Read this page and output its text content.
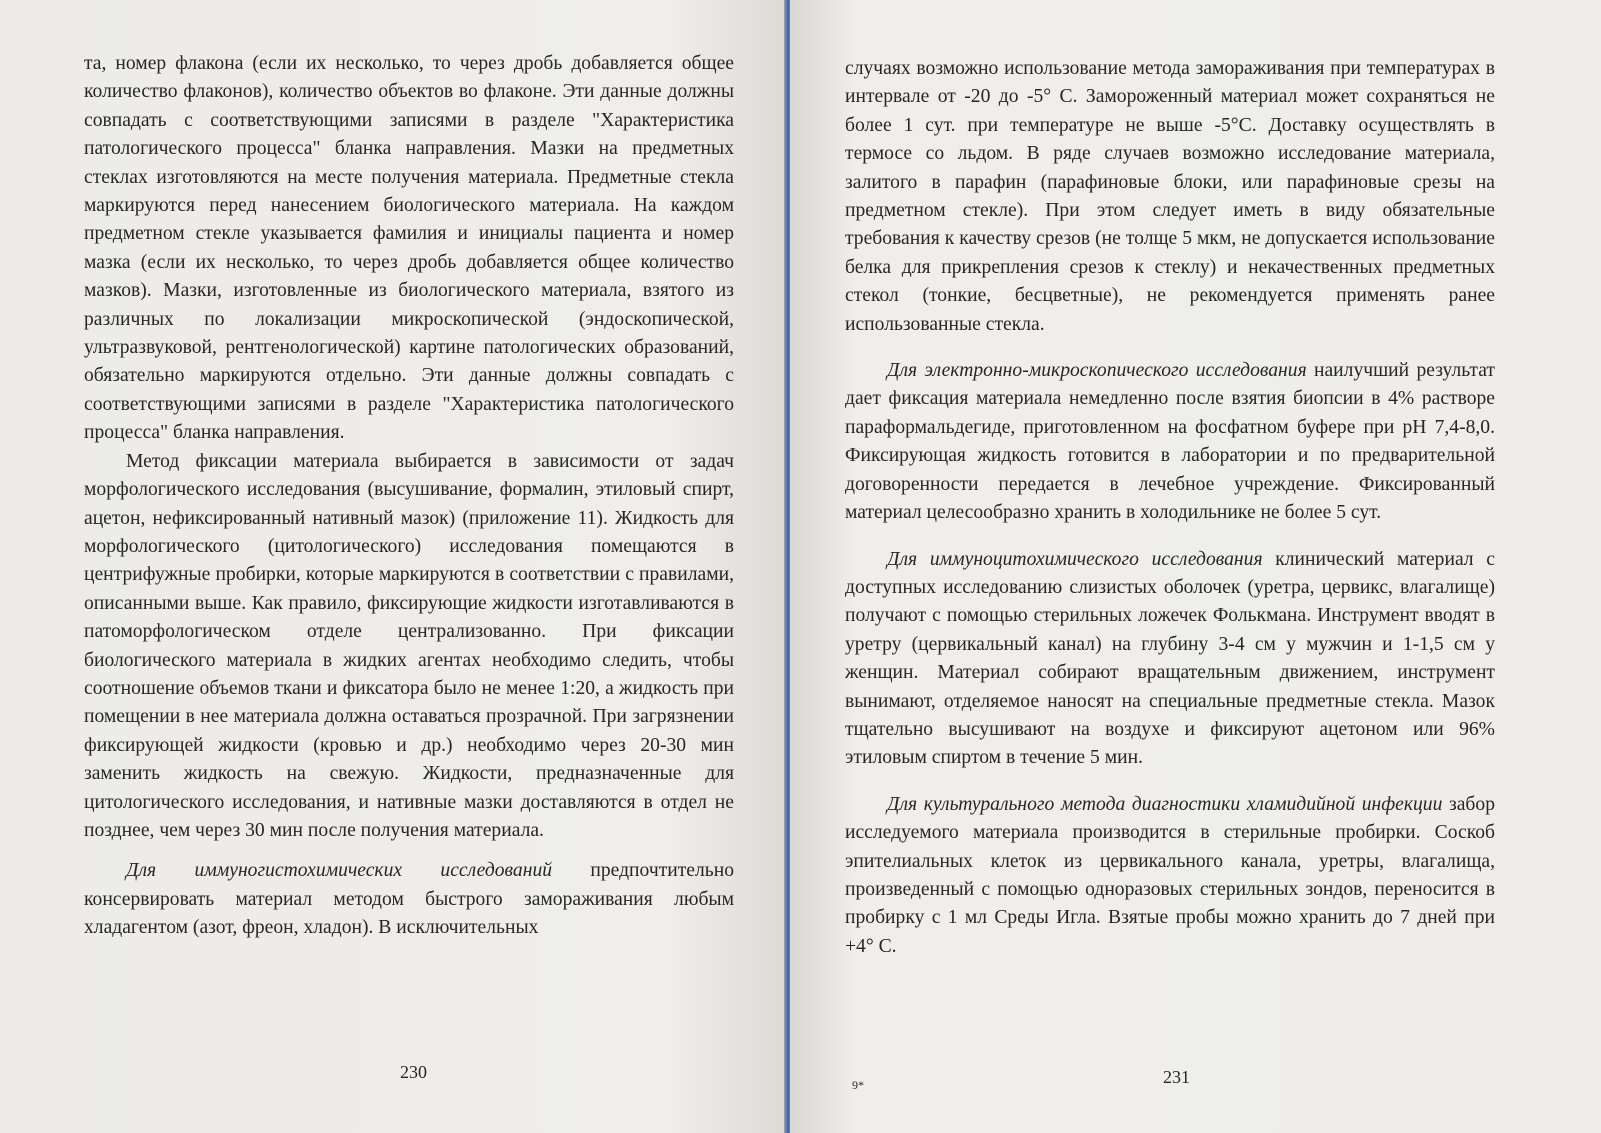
та, номер флакона (если их несколько, то через дробь добавляется общее количество флаконов), количество объектов во флаконе. Эти данные должны совпадать с соответствующими записями в разделе "Характеристика патологического процесса" бланка направления. Мазки на предметных стеклах изготовляются на месте получения материала. Предметные стекла маркируются перед нанесением биологического материала. На каждом предметном стекле указывается фамилия и инициалы пациента и номер мазка (если их несколько, то через дробь добавляется общее количество мазков). Мазки, изготовленные из биологического материала, взятого из различных по локализации микроскопической (эндоскопической, ультразвуковой, рентгенологической) картине патологических образований, обязательно маркируются отдельно. Эти данные должны совпадать с соответствующими записями в разделе "Характеристика патологического процесса" бланка направления.

Метод фиксации материала выбирается в зависимости от задач морфологического исследования (высушивание, формалин, этиловый спирт, ацетон, нефиксированный нативный мазок) (приложение 11). Жидкость для морфологического (цитологического) исследования помещаются в центрифужные пробирки, которые маркируются в соответствии с правилами, описанными выше. Как правило, фиксирующие жидкости изготавливаются в патоморфологическом отделе централизованно. При фиксации биологического материала в жидких агентах необходимо следить, чтобы соотношение объемов ткани и фиксатора было не менее 1:20, а жидкость при помещении в нее материала должна оставаться прозрачной. При загрязнении фиксирующей жидкости (кровью и др.) необходимо через 20-30 мин заменить жидкость на свежую. Жидкости, предназначенные для цитологического исследования, и нативные мазки доставляются в отдел не позднее, чем через 30 мин после получения материала.

Для иммуногистохимических исследований предпочтительно консервировать материал методом быстрого замораживания любым хладагентом (азот, фреон, хладон). В исключительных

230

случаях возможно использование метода замораживания при температурах в интервале от -20 до -5° С. Замороженный материал может сохраняться не более 1 сут. при температуре не выше -5°С. Доставку осуществлять в термосе со льдом. В ряде случаев возможно исследование материала, залитого в парафин (парафиновые блоки, или парафиновые срезы на предметном стекле). При этом следует иметь в виду обязательные требования к качеству срезов (не толще 5 мкм, не допускается использование белка для прикрепления срезов к стеклу) и некачественных предметных стекол (тонкие, бесцветные), не рекомендуется применять ранее использованные стекла.

Для электронно-микроскопического исследования наилучший результат дает фиксация материала немедленно после взятия биопсии в 4% растворе параформальдегиде, приготовленном на фосфатном буфере при pH 7,4-8,0. Фиксирующая жидкость готовится в лаборатории и по предварительной договоренности передается в лечебное учреждение. Фиксированный материал целесообразно хранить в холодильнике не более 5 сут.

Для иммуноцитохимического исследования клинический материал с доступных исследованию слизистых оболочек (уретра, цервикс, влагалище) получают с помощью стерильных ложечек Фолькмана. Инструмент вводят в уретру (цервикальный канал) на глубину 3-4 см у мужчин и 1-1,5 см у женщин. Материал собирают вращательным движением, инструмент вынимают, отделяемое наносят на специальные предметные стекла. Мазок тщательно высушивают на воздухе и фиксируют ацетоном или 96% этиловым спиртом в течение 5 мин.

Для культурального метода диагностики хламидийной инфекции забор исследуемого материала производится в стерильные пробирки. Соскоб эпителиальных клеток из цервикального канала, уретры, влагалища, произведенный с помощью одноразовых стерильных зондов, переносится в пробирку с 1 мл Среды Игла. Взятые пробы можно хранить до 7 дней при +4° С.

9*	231
